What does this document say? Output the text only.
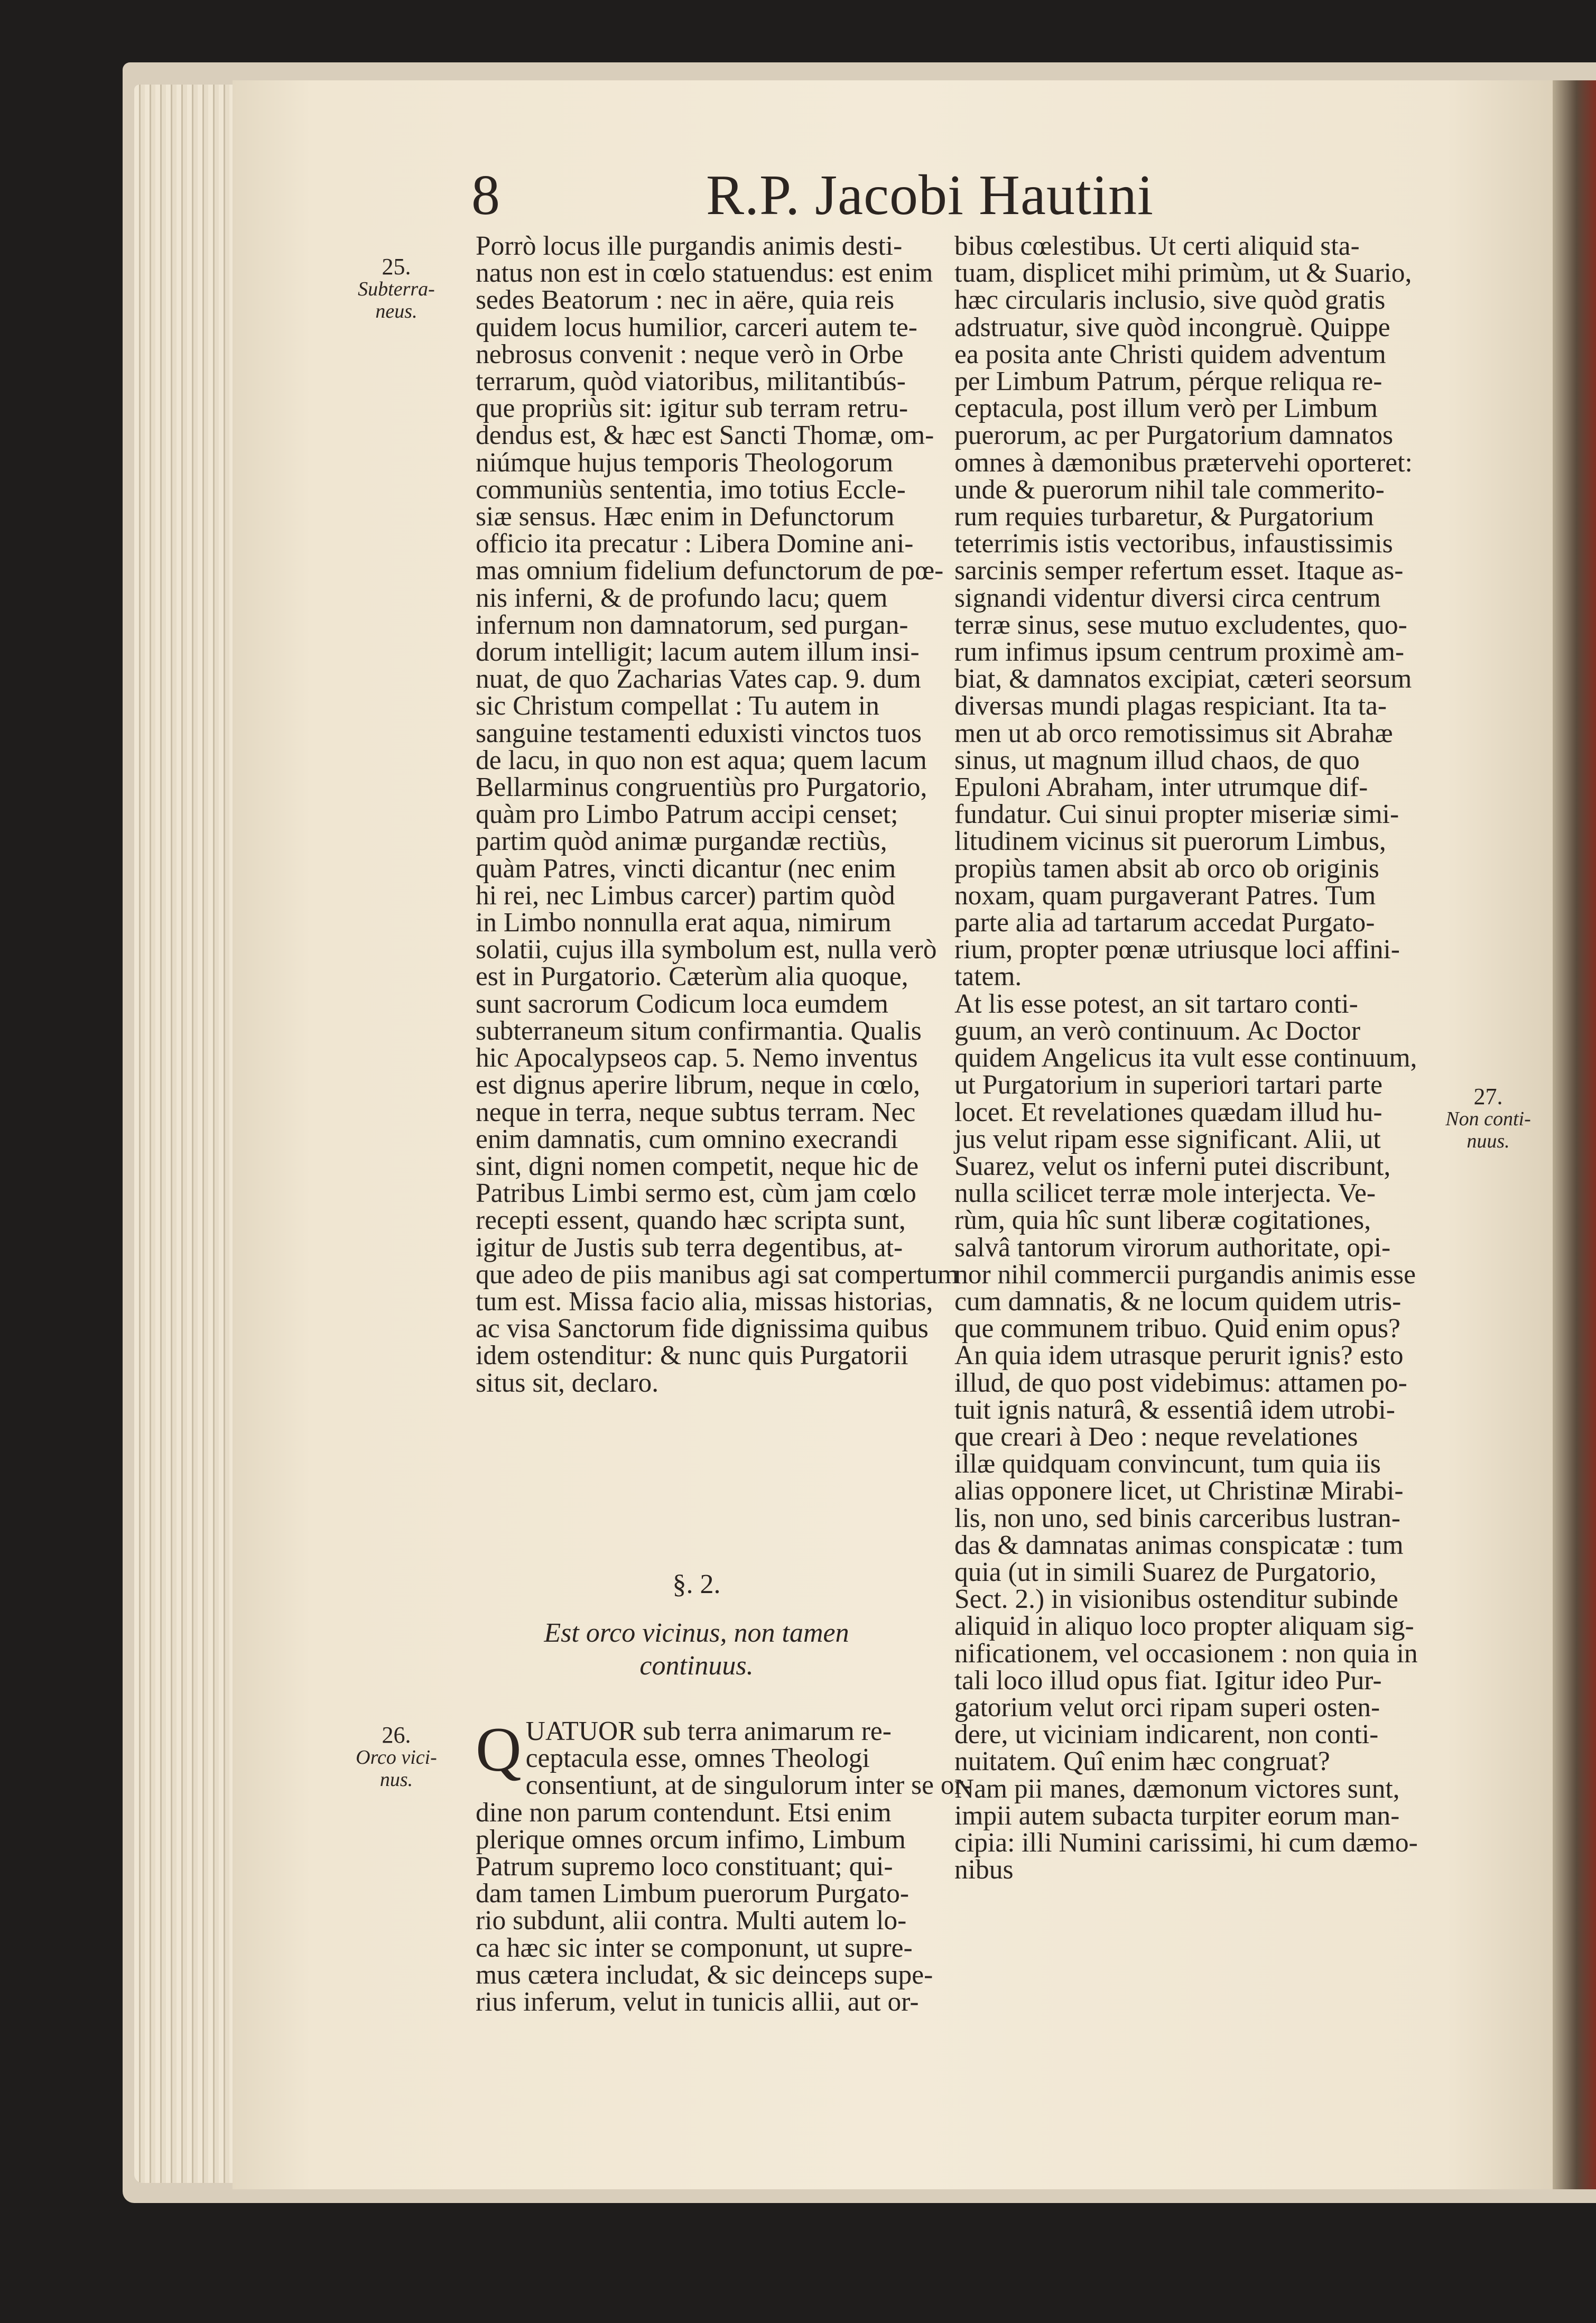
8	R.P. Jacobi Hautini
25.
Subterra-
neus.
26.
Orco vici-
nus.
27.
Non conti-
nuus.
Porrò locus ille purgandis animis desti-
natus non est in cœlo statuendus: est enim
sedes Beatorum : nec in aëre, quia reis
quidem locus humilior, carceri autem te-
nebrosus convenit : neque verò in Orbe
terrarum, quòd viatoribus, militantibús-
que propriùs sit: igitur sub terram retru-
dendus est, & hæc est Sancti Thomæ, om-
niúmque hujus temporis Theologorum
communiùs sententia, imo totius Eccle-
siæ sensus. Hæc enim in Defunctorum
officio ita precatur : Libera Domine ani-
mas omnium fidelium defunctorum de pœ-
nis inferni, & de profundo lacu; quem
infernum non damnatorum, sed purgan-
dorum intelligit; lacum autem illum insi-
nuat, de quo Zacharias Vates cap. 9. dum
sic Christum compellat : Tu autem in
sanguine testamenti eduxisti vinctos tuos
de lacu, in quo non est aqua; quem lacum
Bellarminus congruentiùs pro Purgatorio,
quàm pro Limbo Patrum accipi censet;
partim quòd animæ purgandæ rectiùs,
quàm Patres, vincti dicantur (nec enim
hi rei, nec Limbus carcer) partim quòd
in Limbo nonnulla erat aqua, nimirum
solatii, cujus illa symbolum est, nulla verò
est in Purgatorio. Cæterùm alia quoque,
sunt sacrorum Codicum loca eumdem
subterraneum situm confirmantia. Qualis
hic Apocalypseos cap. 5. Nemo inventus
est dignus aperire librum, neque in cœlo,
neque in terra, neque subtus terram. Nec
enim damnatis, cum omnino execrandi
sint, digni nomen competit, neque hic de
Patribus Limbi sermo est, cùm jam cœlo
recepti essent, quando hæc scripta sunt,
igitur de Justis sub terra degentibus, at-
que adeo de piis manibus agi sat compertum
tum est. Missa facio alia, missas historias,
ac visa Sanctorum fide dignissima quibus
idem ostenditur: & nunc quis Purgatorii
situs sit, declaro.
§. 2.
Est orco vicinus, non tamen
continuus.
Q UATUOR sub terra animarum re-
ceptacula esse, omnes Theologi
consentiunt, at de singulorum inter se or-
dine non parum contendunt. Etsi enim
plerique omnes orcum infimo, Limbum
Patrum supremo loco constituant; qui-
dam tamen Limbum puerorum Purgato-
rio subdunt, alii contra. Multi autem lo-
ca hæc sic inter se componunt, ut supre-
mus cætera includat, & sic deinceps supe-
rius inferum, velut in tunicis allii, aut or-
bibus cœlestibus. Ut certi aliquid sta-
tuam, displicet mihi primùm, ut & Suario,
hæc circularis inclusio, sive quòd gratis
adstruatur, sive quòd incongruè. Quippe
ea posita ante Christi quidem adventum
per Limbum Patrum, pérque reliqua re-
ceptacula, post illum verò per Limbum
puerorum, ac per Purgatorium damnatos
omnes à dæmonibus prætervehi oporteret:
unde & puerorum nihil tale commerito-
rum requies turbaretur, & Purgatorium
teterrimis istis vectoribus, infaustissimis
sarcinis semper refertum esset. Itaque as-
signandi videntur diversi circa centrum
terræ sinus, sese mutuo excludentes, quo-
rum infimus ipsum centrum proximè am-
biat, & damnatos excipiat, cæteri seorsum
diversas mundi plagas respiciant. Ita ta-
men ut ab orco remotissimus sit Abrahæ
sinus, ut magnum illud chaos, de quo
Epuloni Abraham, inter utrumque dif-
fundatur. Cui sinui propter miseriæ simi-
litudinem vicinus sit puerorum Limbus,
propiùs tamen absit ab orco ob originis
noxam, quam purgaverant Patres. Tum
parte alia ad tartarum accedat Purgato-
rium, propter pœnæ utriusque loci affini-
tatem.
At lis esse potest, an sit tartaro conti-
guum, an verò continuum. Ac Doctor
quidem Angelicus ita vult esse continuum,
ut Purgatorium in superiori tartari parte
locet. Et revelationes quædam illud hu-
jus velut ripam esse significant. Alii, ut
Suarez, velut os inferni putei discribunt,
nulla scilicet terræ mole interjecta. Ve-
rùm, quia hîc sunt liberæ cogitationes,
salvâ tantorum virorum authoritate, opi-
nor nihil commercii purgandis animis esse
cum damnatis, & ne locum quidem utris-
que communem tribuo. Quid enim opus?
An quia idem utrasque perurit ignis? esto
illud, de quo post videbimus: attamen po-
tuit ignis naturâ, & essentiâ idem utrobi-
que creari à Deo : neque revelationes
illæ quidquam convincunt, tum quia iis
alias opponere licet, ut Christinæ Mirabi-
lis, non uno, sed binis carceribus lustran-
das & damnatas animas conspicatæ : tum
quia (ut in simili Suarez de Purgatorio,
Sect. 2.) in visionibus ostenditur subinde
aliquid in aliquo loco propter aliquam sig-
nificationem, vel occasionem : non quia in
tali loco illud opus fiat. Igitur ideo Pur-
gatorium velut orci ripam superi osten-
dere, ut viciniam indicarent, non conti-
nuitatem. Quî enim hæc congruat?
Nam pii manes, dæmonum victores sunt,
impii autem subacta turpiter eorum man-
cipia: illi Numini carissimi, hi cum dæmo-
nibus
